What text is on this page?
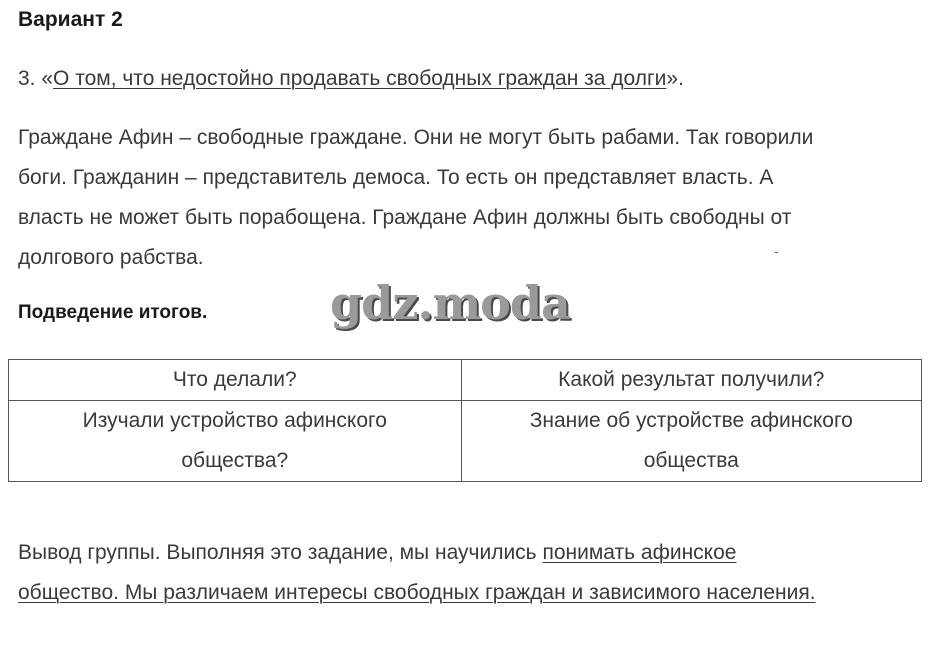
Вариант 2
3. «О том, что недостойно продавать свободных граждан за долги».

Граждане Афин – свободные граждане. Они не могут быть рабами. Так говорили

боги. Гражданин – представитель демоса. То есть он представляет власть. А

власть не может быть порабощена. Граждане Афин должны быть свободны от

долгового рабства.	-
Подведение итогов.	gdz.moda
Что делали?	Какой результат получили?
Изучали устройство афинского общества?	Знание об устройстве афинского общества

Вывод группы. Выполняя это задание, мы научились понимать афинское

общество. Мы различаем интересы свободных граждан и зависимого населения.
